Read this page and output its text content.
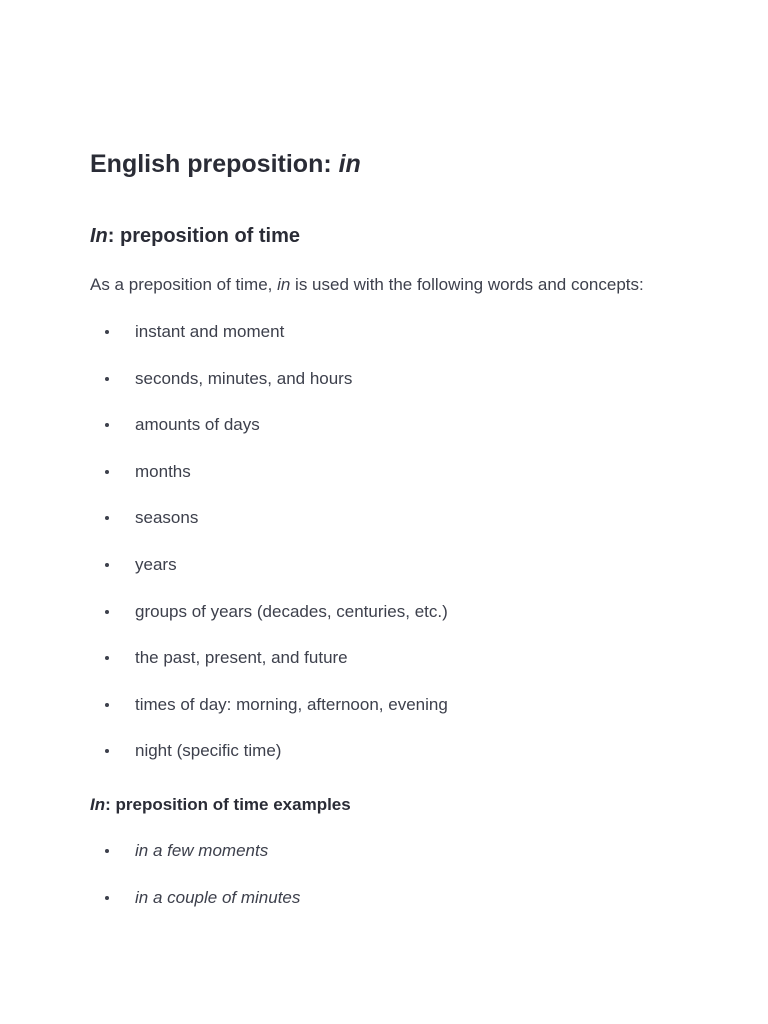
English preposition: in
In: preposition of time

As a preposition of time, in is used with the following words and concepts:

instant and moment
seconds, minutes, and hours
amounts of days
months
seasons
years
groups of years (decades, centuries, etc.)
the past, present, and future
times of day: morning, afternoon, evening
night (specific time)
In: preposition of time examples
in a few moments
in a couple of minutes
